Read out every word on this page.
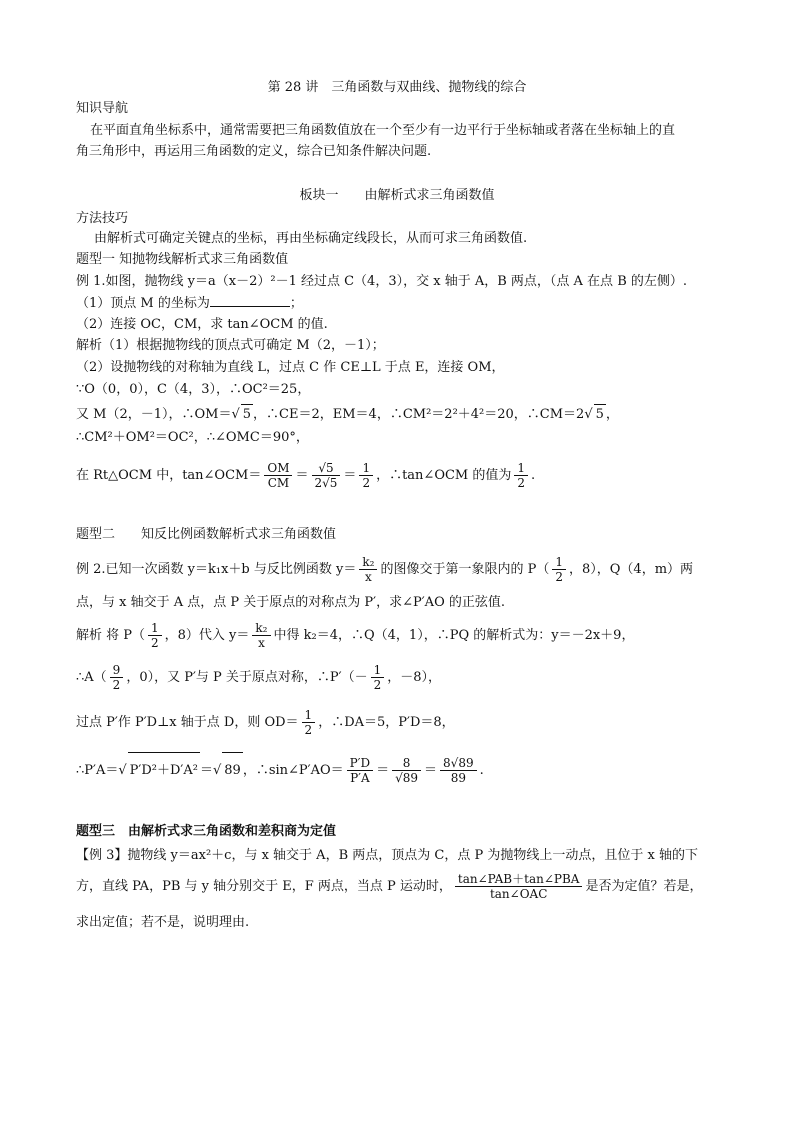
第 28 讲　三角函数与双曲线、抛物线的综合
知识导航
在平面直角坐标系中，通常需要把三角函数值放在一个至少有一边平行于坐标轴或者落在坐标轴上的直
角三角形中，再运用三角函数的定义，综合已知条件解决问题.
板块一　　由解析式求三角函数值
方法技巧
由解析式可确定关键点的坐标，再由坐标确定线段长，从而可求三角函数值.
题型一 知抛物线解析式求三角函数值
例 1.如图，抛物线 y＝a（x－2）²－1 经过点 C（4，3），交 x 轴于 A，B 两点，（点 A 在点 B 的左侧）.
（1）顶点 M 的坐标为	；
（2）连接 OC，CM，求 tan∠OCM 的值.
解析（1）根据抛物线的顶点式可确定 M（2，－1）；
（2）设抛物线的对称轴为直线 L，过点 C 作 CE⊥L 于点 E，连接 OM，
∵O（0，0），C（4，3），∴OC²＝25，
又 M（2，－1），∴OM＝√ 5 ，∴CE＝2，EM＝4，∴CM²＝2²＋4²＝20，∴CM＝2√ 5 ，
∴CM²＋OM²＝OC²，∴∠OMC＝90°，
在 Rt△OCM 中，tan∠OCM＝ $\frac{OM}{CM} = \frac{√5}{2√5} = \frac{1}{2}$ ，∴tan∠OCM 的值为 $\frac{1}{2}$ .
题型二　　知反比例函数解析式求三角函数值
例 2.已知一次函数 y＝k₁x＋b 与反比例函数 $y= \frac{\text{k₂}}{x}$ 的图像交于第一象限内的 $P( \frac{1}{2}$ ，8），Q（4，m）两
点，与 x 轴交于 A 点，点 P 关于原点的对称点为 P′，求∠P′AO 的正弦值.
解析 将 $P( \frac{1}{2}$ ，8）代入 $y= \frac{\text{k₂}}{x}$ 中得 k₂＝4，∴Q（4，1），∴PQ 的解析式为：y＝－2x＋9，
∴A（ $\frac{9}{2}$ ，0），又 P′与 P 关于原点对称，∴P′（－ $\frac{1}{2}$ ，－8），
过点 P′作 P′D⊥x 轴于点 D，则 $OD= \frac{1}{2}$ ，∴DA＝5，P′D＝8，
∴P′A＝√ P′D²＋D′A² ＝√ 89 ，∴sin∠P′AO＝ $\frac{P'D}{P'A} = \frac{8}{√89} = \frac{8√89}{89}$ .
题型三　由解析式求三角函数和差积商为定值
【例 3】抛物线 y＝ax²＋c，与 x 轴交于 A，B 两点，顶点为 C，点 P 为抛物线上一动点，且位于 x 轴的下
方，直线 PA，PB 与 y 轴分别交于 E，F 两点，当点 P 运动时， $\frac{\text{tan∠PAB＋tan∠PBA}}{\text{tan∠OAC}}$ 是否为定值？若是，
求出定值；若不是，说明理由.
